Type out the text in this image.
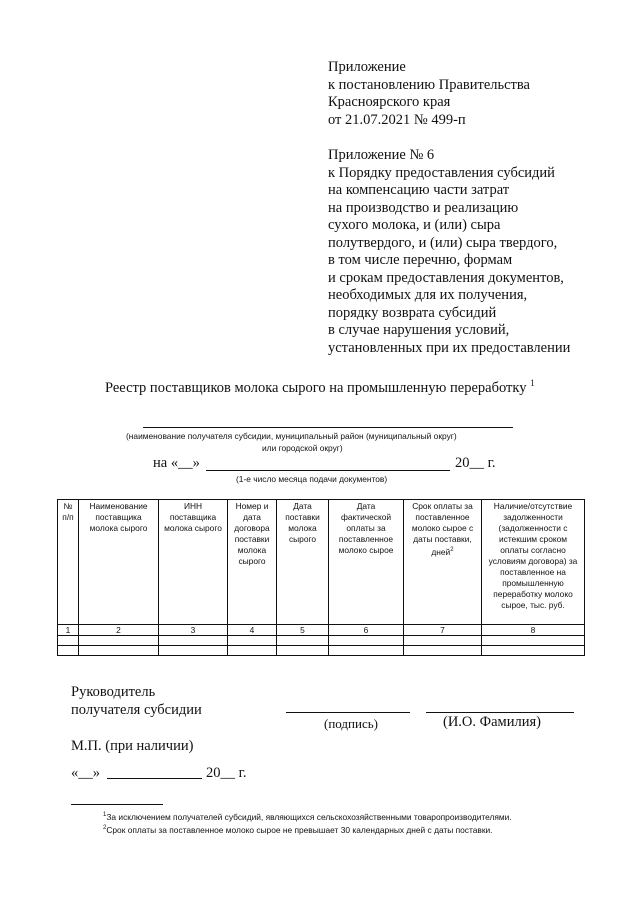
Приложение
к постановлению Правительства
Красноярского края
от 21.07.2021 № 499-п
Приложение № 6
к Порядку предоставления субсидий
на компенсацию части затрат
на производство и реализацию
сухого молока, и (или) сыра
полутвердого, и (или) сыра твердого,
в том числе перечню, формам
и срокам предоставления документов,
необходимых для их получения,
порядку возврата субсидий
в случае нарушения условий,
установленных при их предоставлении
Реестр поставщиков молока сырого на промышленную переработку $^1$
(наименование получателя субсидии, муниципальный район (муниципальный округ)
или городской округ)
на «__»	20__ г.
(1-е число месяца подачи документов)
№ п/п	Наименование поставщика молока сырого	ИНН поставщика молока сырого	Номер и дата договора поставки молока сырого	Дата поставки молока сырого	Дата фактической оплаты за поставленное молоко сырое	Срок оплаты за поставленное молоко сырое с даты поставки, дней$^2$	Наличие/отсутствие задолженности (задолженности с истекшим сроком оплаты согласно условиям договора) за поставленное на промышленную переработку молоко сырое, тыс. руб.
1	2	3	4	5	6	7	8

Руководитель
получателя субсидии
(подпись)	(И.О. Фамилия)
М.П. (при наличии)
«__»	20__ г.
$^1$За исключением получателей субсидий, являющихся сельскохозяйственными товаропроизводителями.
$^2$Срок оплаты за поставленное молоко сырое не превышает 30 календарных дней с даты поставки.
